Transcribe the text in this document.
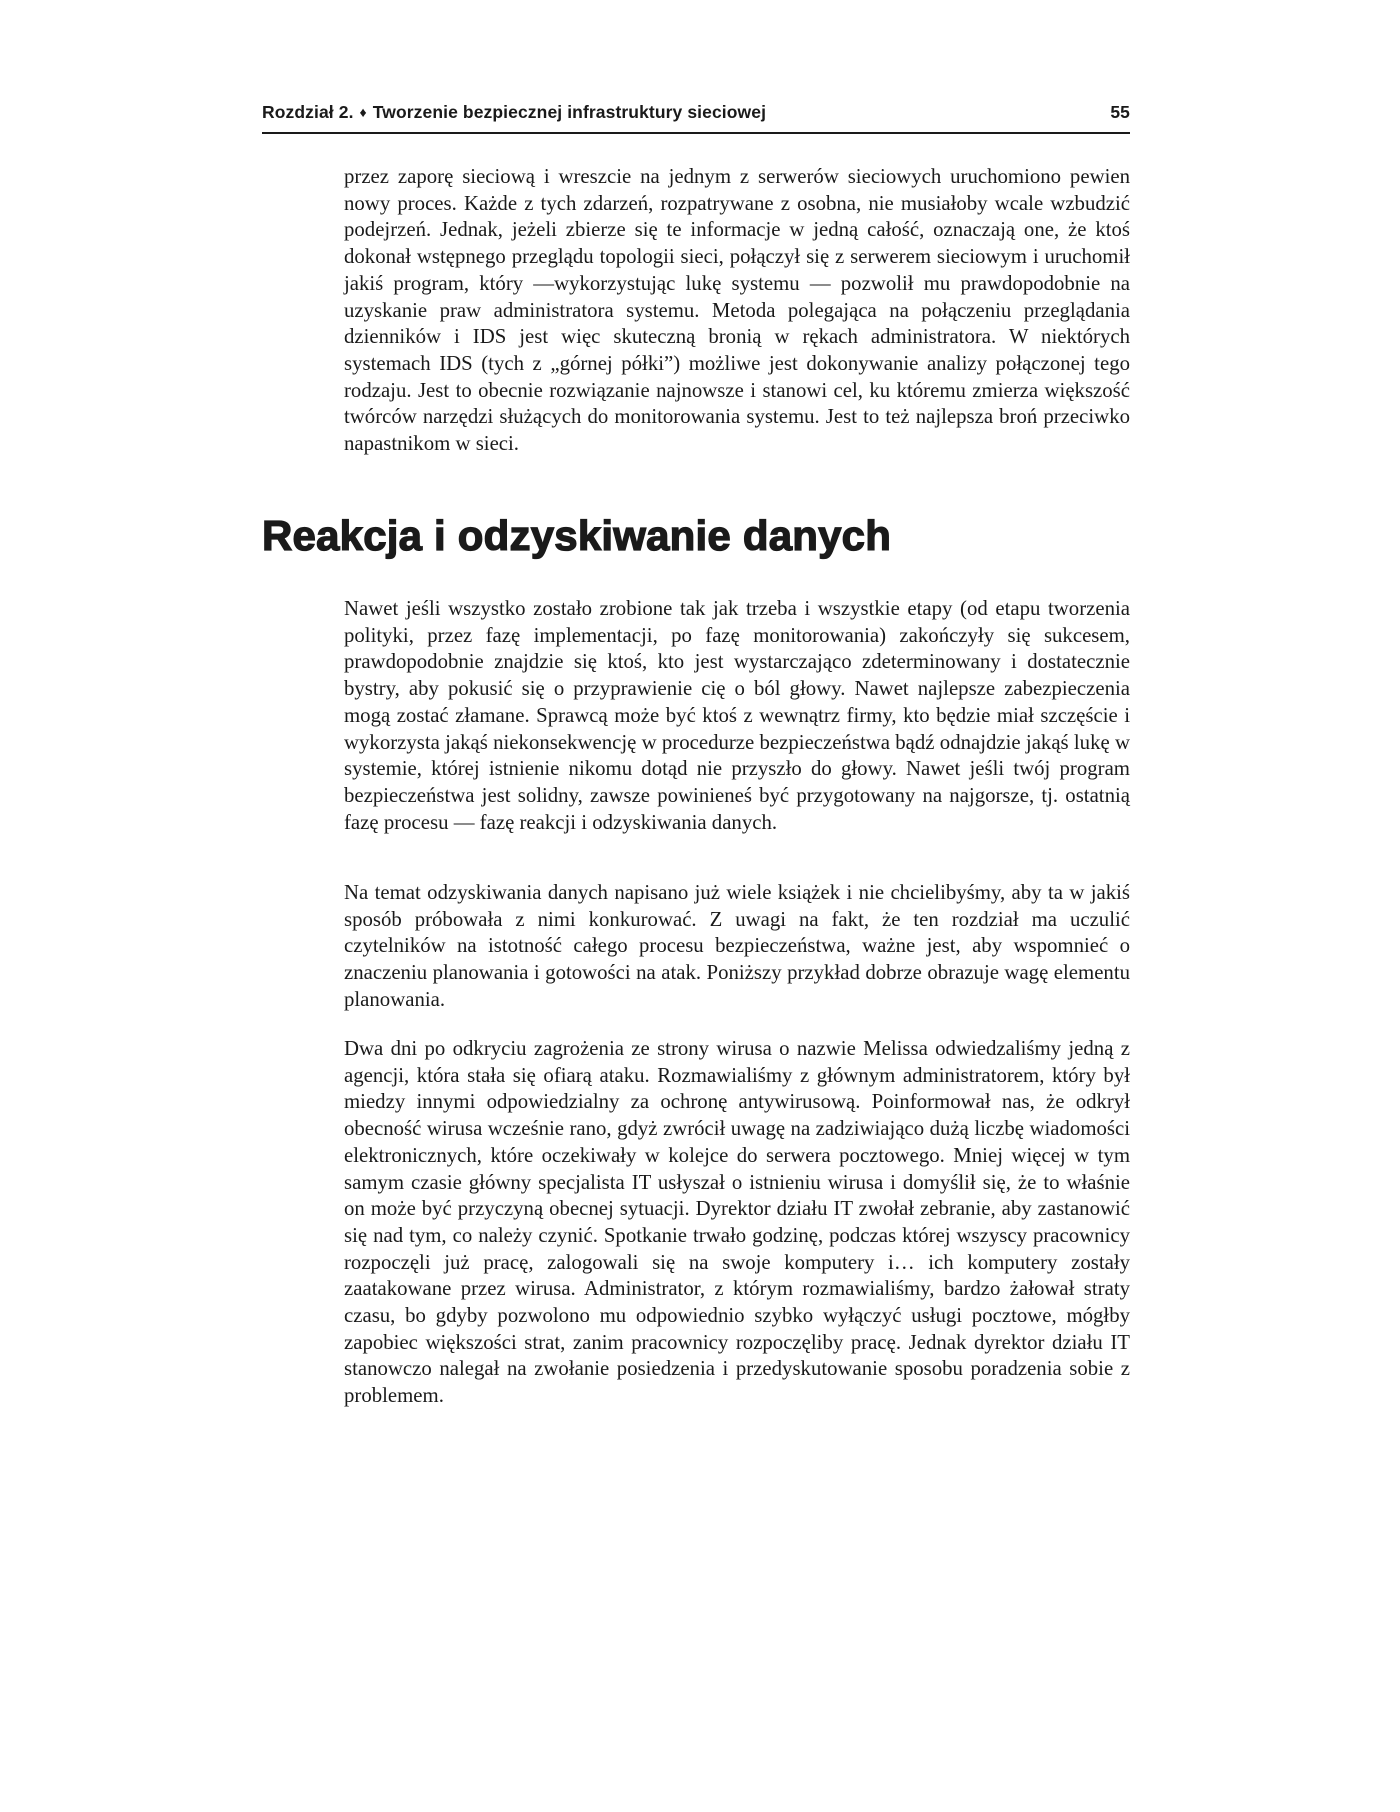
Rozdział 2. ♦ Tworzenie bezpiecznej infrastruktury sieciowej	55

przez zaporę sieciową i wreszcie na jednym z serwerów sieciowych uruchomiono pewien nowy proces. Każde z tych zdarzeń, rozpatrywane z osobna, nie musiałoby wcale wzbudzić podejrzeń. Jednak, jeżeli zbierze się te informacje w jedną całość, oznaczają one, że ktoś dokonał wstępnego przeglądu topologii sieci, połączył się z serwerem sieciowym i uruchomił jakiś program, który —wykorzystując lukę systemu — pozwolił mu prawdopodobnie na uzyskanie praw administratora systemu. Metoda polegająca na połączeniu przeglądania dzienników i IDS jest więc skuteczną bronią w rękach administratora. W niektórych systemach IDS (tych z „górnej półki”) możliwe jest dokonywanie analizy połączonej tego rodzaju. Jest to obecnie rozwiązanie najnowsze i stanowi cel, ku któremu zmierza większość twórców narzędzi służących do monitorowania systemu. Jest to też najlepsza broń przeciwko napastnikom w sieci.

Reakcja i odzyskiwanie danych

Nawet jeśli wszystko zostało zrobione tak jak trzeba i wszystkie etapy (od etapu tworzenia polityki, przez fazę implementacji, po fazę monitorowania) zakończyły się sukcesem, prawdopodobnie znajdzie się ktoś, kto jest wystarczająco zdeterminowany i dostatecznie bystry, aby pokusić się o przyprawienie cię o ból głowy. Nawet najlepsze zabezpieczenia mogą zostać złamane. Sprawcą może być ktoś z wewnątrz firmy, kto będzie miał szczęście i wykorzysta jakąś niekonsekwencję w procedurze bezpieczeństwa bądź odnajdzie jakąś lukę w systemie, której istnienie nikomu dotąd nie przyszło do głowy. Nawet jeśli twój program bezpieczeństwa jest solidny, zawsze powinieneś być przygotowany na najgorsze, tj. ostatnią fazę procesu — fazę reakcji i odzyskiwania danych.

Na temat odzyskiwania danych napisano już wiele książek i nie chcielibyśmy, aby ta w jakiś sposób próbowała z nimi konkurować. Z uwagi na fakt, że ten rozdział ma uczulić czytelników na istotność całego procesu bezpieczeństwa, ważne jest, aby wspomnieć o znaczeniu planowania i gotowości na atak. Poniższy przykład dobrze obrazuje wagę elementu planowania.

Dwa dni po odkryciu zagrożenia ze strony wirusa o nazwie Melissa odwiedzaliśmy jedną z agencji, która stała się ofiarą ataku. Rozmawialiśmy z głównym administratorem, który był miedzy innymi odpowiedzialny za ochronę antywirusową. Poinformował nas, że odkrył obecność wirusa wcześnie rano, gdyż zwrócił uwagę na zadziwiająco dużą liczbę wiadomości elektronicznych, które oczekiwały w kolejce do serwera pocztowego. Mniej więcej w tym samym czasie główny specjalista IT usłyszał o istnieniu wirusa i domyślił się, że to właśnie on może być przyczyną obecnej sytuacji. Dyrektor działu IT zwołał zebranie, aby zastanowić się nad tym, co należy czynić. Spotkanie trwało godzinę, podczas której wszyscy pracownicy rozpoczęli już pracę, zalogowali się na swoje komputery i… ich komputery zostały zaatakowane przez wirusa. Administrator, z którym rozmawialiśmy, bardzo żałował straty czasu, bo gdyby pozwolono mu odpowiednio szybko wyłączyć usługi pocztowe, mógłby zapobiec większości strat, zanim pracownicy rozpoczęliby pracę. Jednak dyrektor działu IT stanowczo nalegał na zwołanie posiedzenia i przedyskutowanie sposobu poradzenia sobie z problemem.
